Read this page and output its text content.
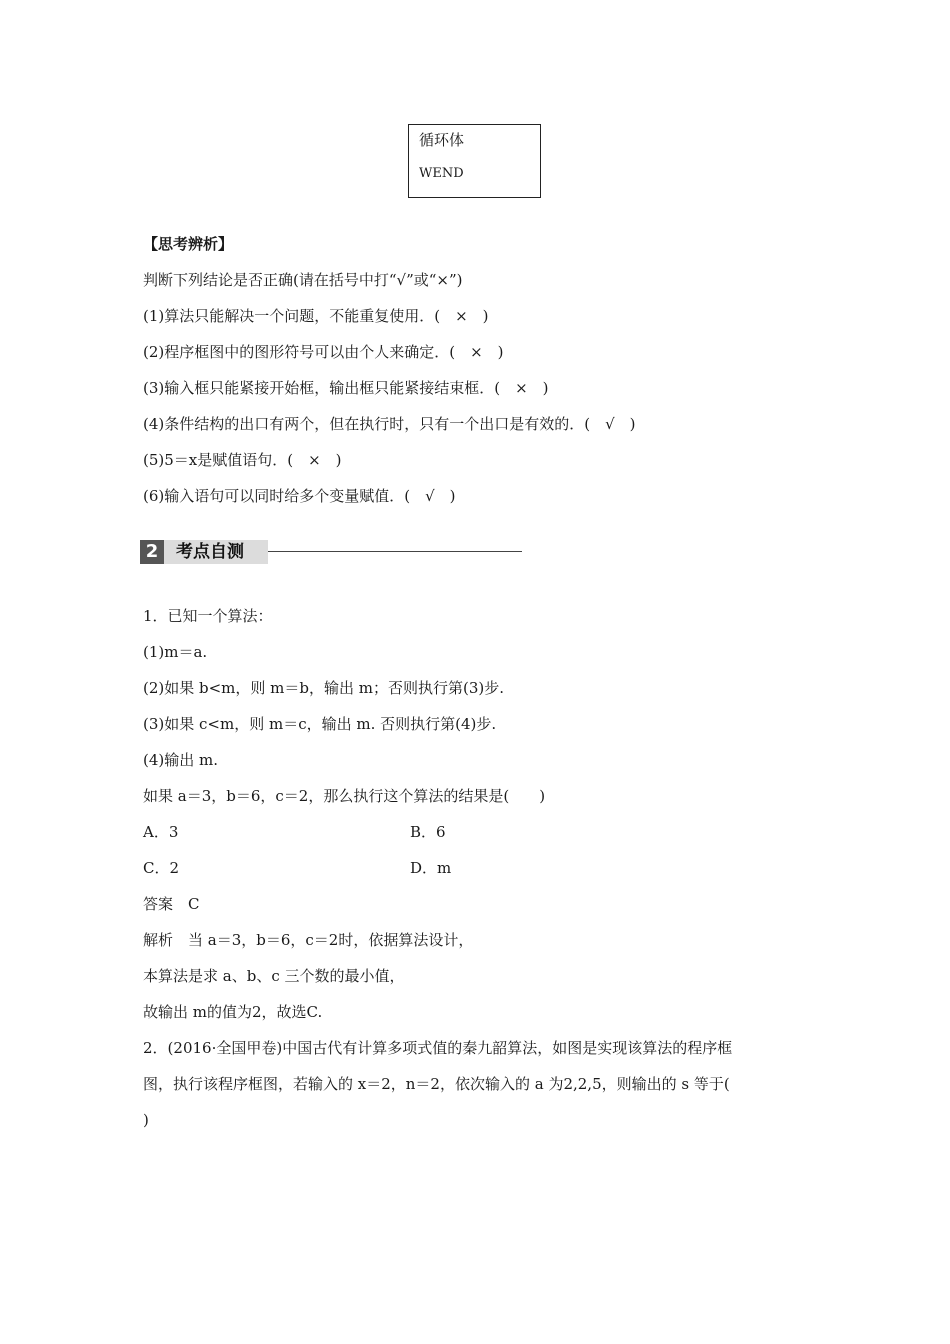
循环体
WEND
【思考辨析】
判断下列结论是否正确(请在括号中打“√”或“×”)
(1)算法只能解决一个问题，不能重复使用．(　×　)
(2)程序框图中的图形符号可以由个人来确定．(　×　)
(3)输入框只能紧接开始框，输出框只能紧接结束框．(　×　)
(4)条件结构的出口有两个，但在执行时，只有一个出口是有效的．(　√　)
(5)5＝x是赋值语句．(　×　)
(6)输入语句可以同时给多个变量赋值．(　√　)
2	考点自测
1．已知一个算法：
(1)m＝a.
(2)如果 b<m，则 m＝b，输出 m；否则执行第(3)步.
(3)如果 c<m，则 m＝c，输出 m. 否则执行第(4)步.
(4)输出 m.
如果 a＝3，b＝6，c＝2，那么执行这个算法的结果是(　　)
A．3	B．6
C．2	D．m
答案　C
解析　当 a＝3，b＝6，c＝2时，依据算法设计，
本算法是求 a、b、c 三个数的最小值，
故输出 m的值为2，故选C.
2．(2016·全国甲卷)中国古代有计算多项式值的秦九韶算法，如图是实现该算法的程序框
图，执行该程序框图，若输入的 x＝2，n＝2，依次输入的 a 为2,2,5，则输出的 s 等于(
)
